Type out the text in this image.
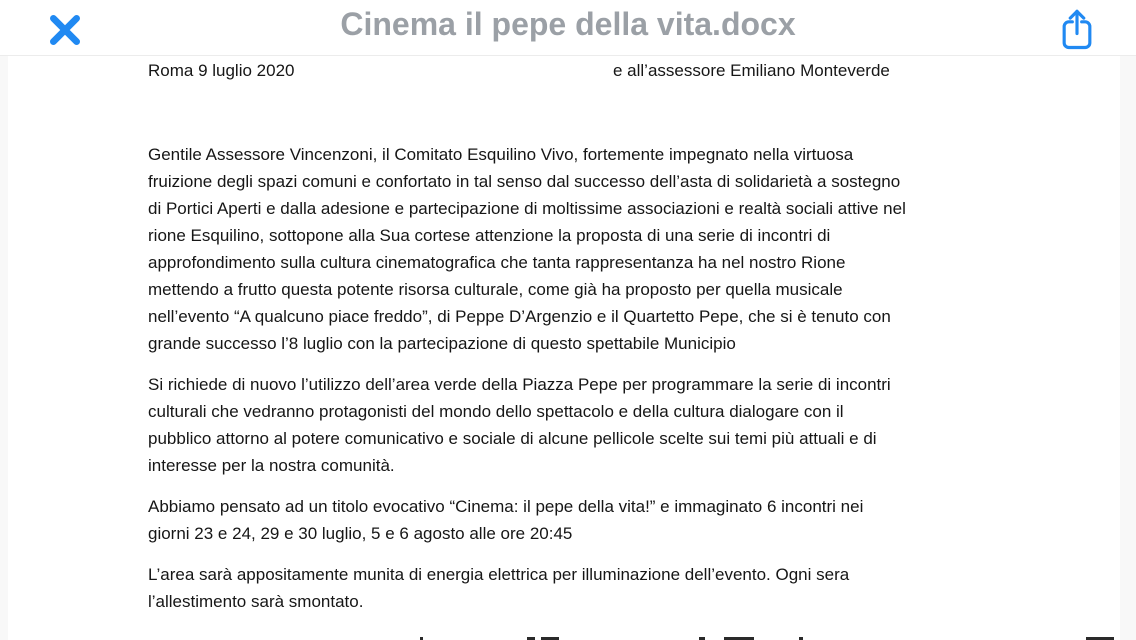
Cinema il pepe della vita.docx
Roma 9 luglio 2020	e all’assessore Emiliano Monteverde
Gentile Assessore Vincenzoni, il Comitato Esquilino Vivo, fortemente impegnato nella virtuosa
fruizione degli spazi comuni e confortato in tal senso dal successo dell’asta di solidarietà a sostegno
di Portici Aperti e dalla adesione e partecipazione di moltissime associazioni e realtà sociali attive nel
rione Esquilino, sottopone alla Sua cortese attenzione la proposta di una serie di incontri di
approfondimento sulla cultura cinematografica che tanta rappresentanza ha nel nostro Rione
mettendo a frutto questa potente risorsa culturale, come già ha proposto per quella musicale
nell’evento “A qualcuno piace freddo”, di Peppe D’Argenzio e il Quartetto Pepe, che si è tenuto con
grande successo l’8 luglio con la partecipazione di questo spettabile Municipio
Si richiede di nuovo l’utilizzo dell’area verde della Piazza Pepe per programmare la serie di incontri
culturali che vedranno protagonisti del mondo dello spettacolo e della cultura dialogare con il
pubblico attorno al potere comunicativo e sociale di alcune pellicole scelte sui temi più attuali e di
interesse per la nostra comunità.
Abbiamo pensato ad un titolo evocativo “Cinema: il pepe della vita!” e immaginato 6 incontri nei
giorni 23 e 24, 29 e 30 luglio, 5 e 6 agosto alle ore 20:45
L’area sarà appositamente munita di energia elettrica per illuminazione dell’evento. Ogni sera
l’allestimento sarà smontato.
